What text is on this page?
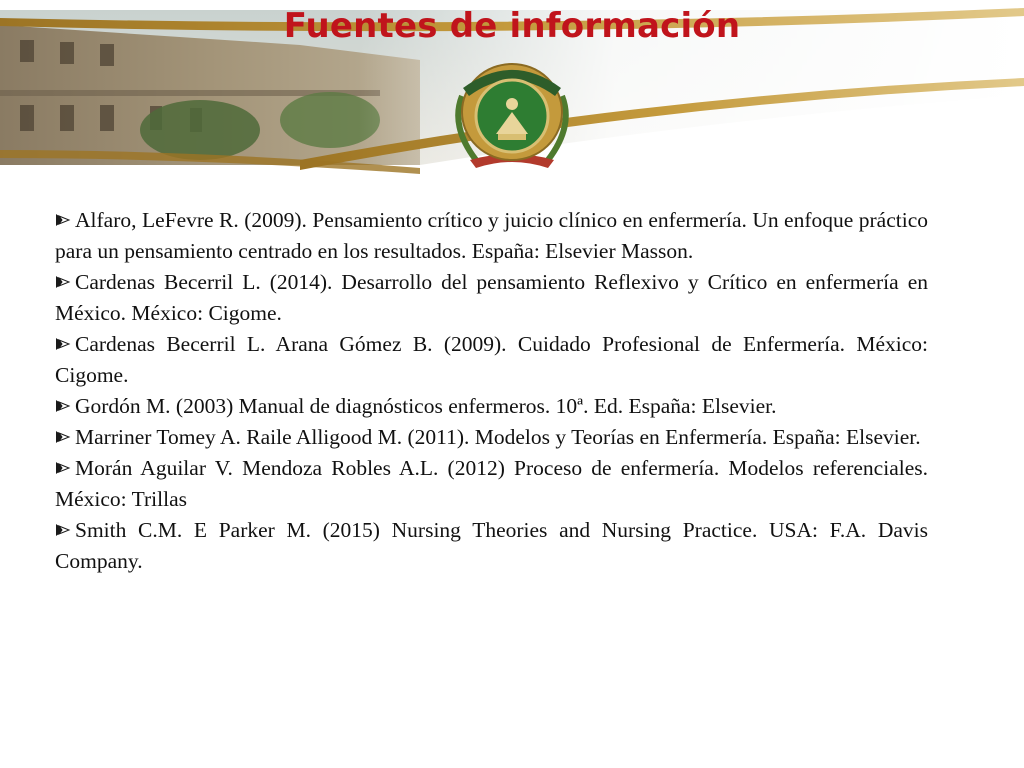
Fuentes de información
Alfaro, LeFevre R. (2009). Pensamiento crítico y juicio clínico en enfermería. Un enfoque práctico para un pensamiento centrado en los resultados. España: Elsevier Masson.
Cardenas Becerril L. (2014). Desarrollo del pensamiento Reflexivo y Crítico en enfermería en México. México: Cigome.
Cardenas Becerril L. Arana Gómez B. (2009). Cuidado Profesional de Enfermería. México: Cigome.
Gordón M. (2003) Manual de diagnósticos enfermeros. 10ª. Ed. España: Elsevier.
Marriner Tomey A. Raile Alligood M. (2011). Modelos y Teorías en Enfermería. España: Elsevier.
Morán Aguilar V. Mendoza Robles A.L. (2012) Proceso de enfermería. Modelos referenciales. México: Trillas
Smith C.M. E Parker M. (2015) Nursing Theories and Nursing Practice. USA: F.A. Davis Company.
